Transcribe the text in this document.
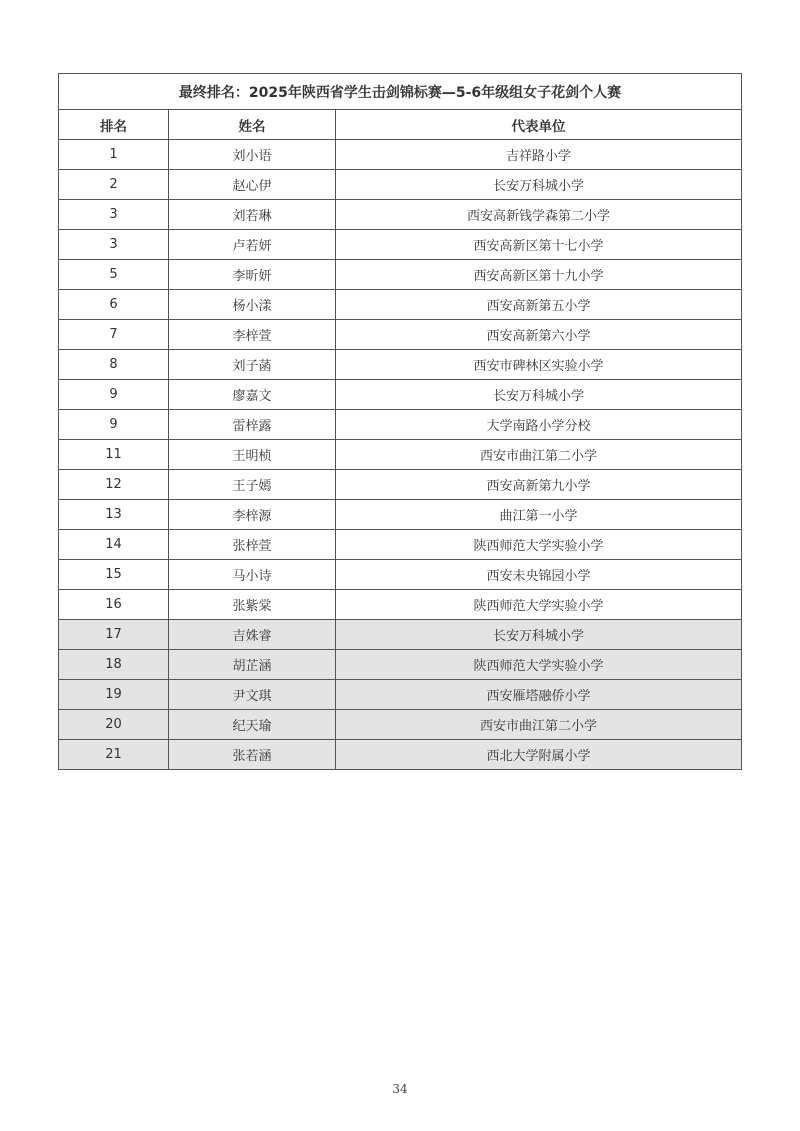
最终排名：2025年陕西省学生击剑锦标赛—5-6年级组女子花剑个人赛		
排名	姓名	代表单位
1	刘小语	吉祥路小学
2	赵心伊	长安万科城小学
3	刘若琳	西安高新钱学森第二小学
3	卢若妍	西安高新区第十七小学
5	李昕妍	西安高新区第十九小学
6	杨小漾	西安高新第五小学
7	李梓萱	西安高新第六小学
8	刘子菡	西安市碑林区实验小学
9	廖嘉文	长安万科城小学
9	雷梓露	大学南路小学分校
11	王明桢	西安市曲江第二小学
12	王子嫣	西安高新第九小学
13	李梓源	曲江第一小学
14	张梓萱	陕西师范大学实验小学
15	马小诗	西安未央锦园小学
16	张紫棠	陕西师范大学实验小学
17	吉姝睿	长安万科城小学
18	胡芷涵	陕西师范大学实验小学
19	尹文琪	西安雁塔融侨小学
20	纪天瑜	西安市曲江第二小学
21	张若涵	西北大学附属小学
34
